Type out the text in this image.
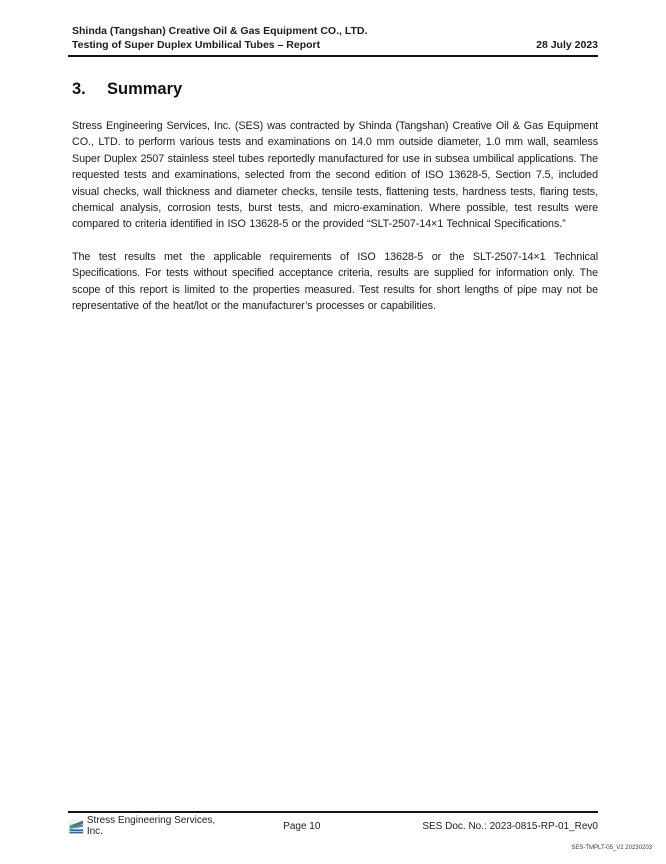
Shinda (Tangshan) Creative Oil & Gas Equipment CO., LTD.
Testing of Super Duplex Umbilical Tubes – Report	28 July 2023
3. Summary

Stress Engineering Services, Inc. (SES) was contracted by Shinda (Tangshan) Creative Oil & Gas Equipment CO., LTD. to perform various tests and examinations on 14.0 mm outside diameter, 1.0 mm wall, seamless Super Duplex 2507 stainless steel tubes reportedly manufactured for use in subsea umbilical applications. The requested tests and examinations, selected from the second edition of ISO 13628-5, Section 7.5, included visual checks, wall thickness and diameter checks, tensile tests, flattening tests, hardness tests, flaring tests, chemical analysis, corrosion tests, burst tests, and micro-examination. Where possible, test results were compared to criteria identified in ISO 13628-5 or the provided “SLT-2507-14×1 Technical Specifications.”

The test results met the applicable requirements of ISO 13628-5 or the SLT-2507-14×1 Technical Specifications. For tests without specified acceptance criteria, results are supplied for information only. The scope of this report is limited to the properties measured. Test results for short lengths of pipe may not be representative of the heat/lot or the manufacturer’s processes or capabilities.

Stress Engineering Services, Inc.	Page 10	SES Doc. No.: 2023-0815-RP-01_Rev0
SES-TMPLT-05_V2 20230203
